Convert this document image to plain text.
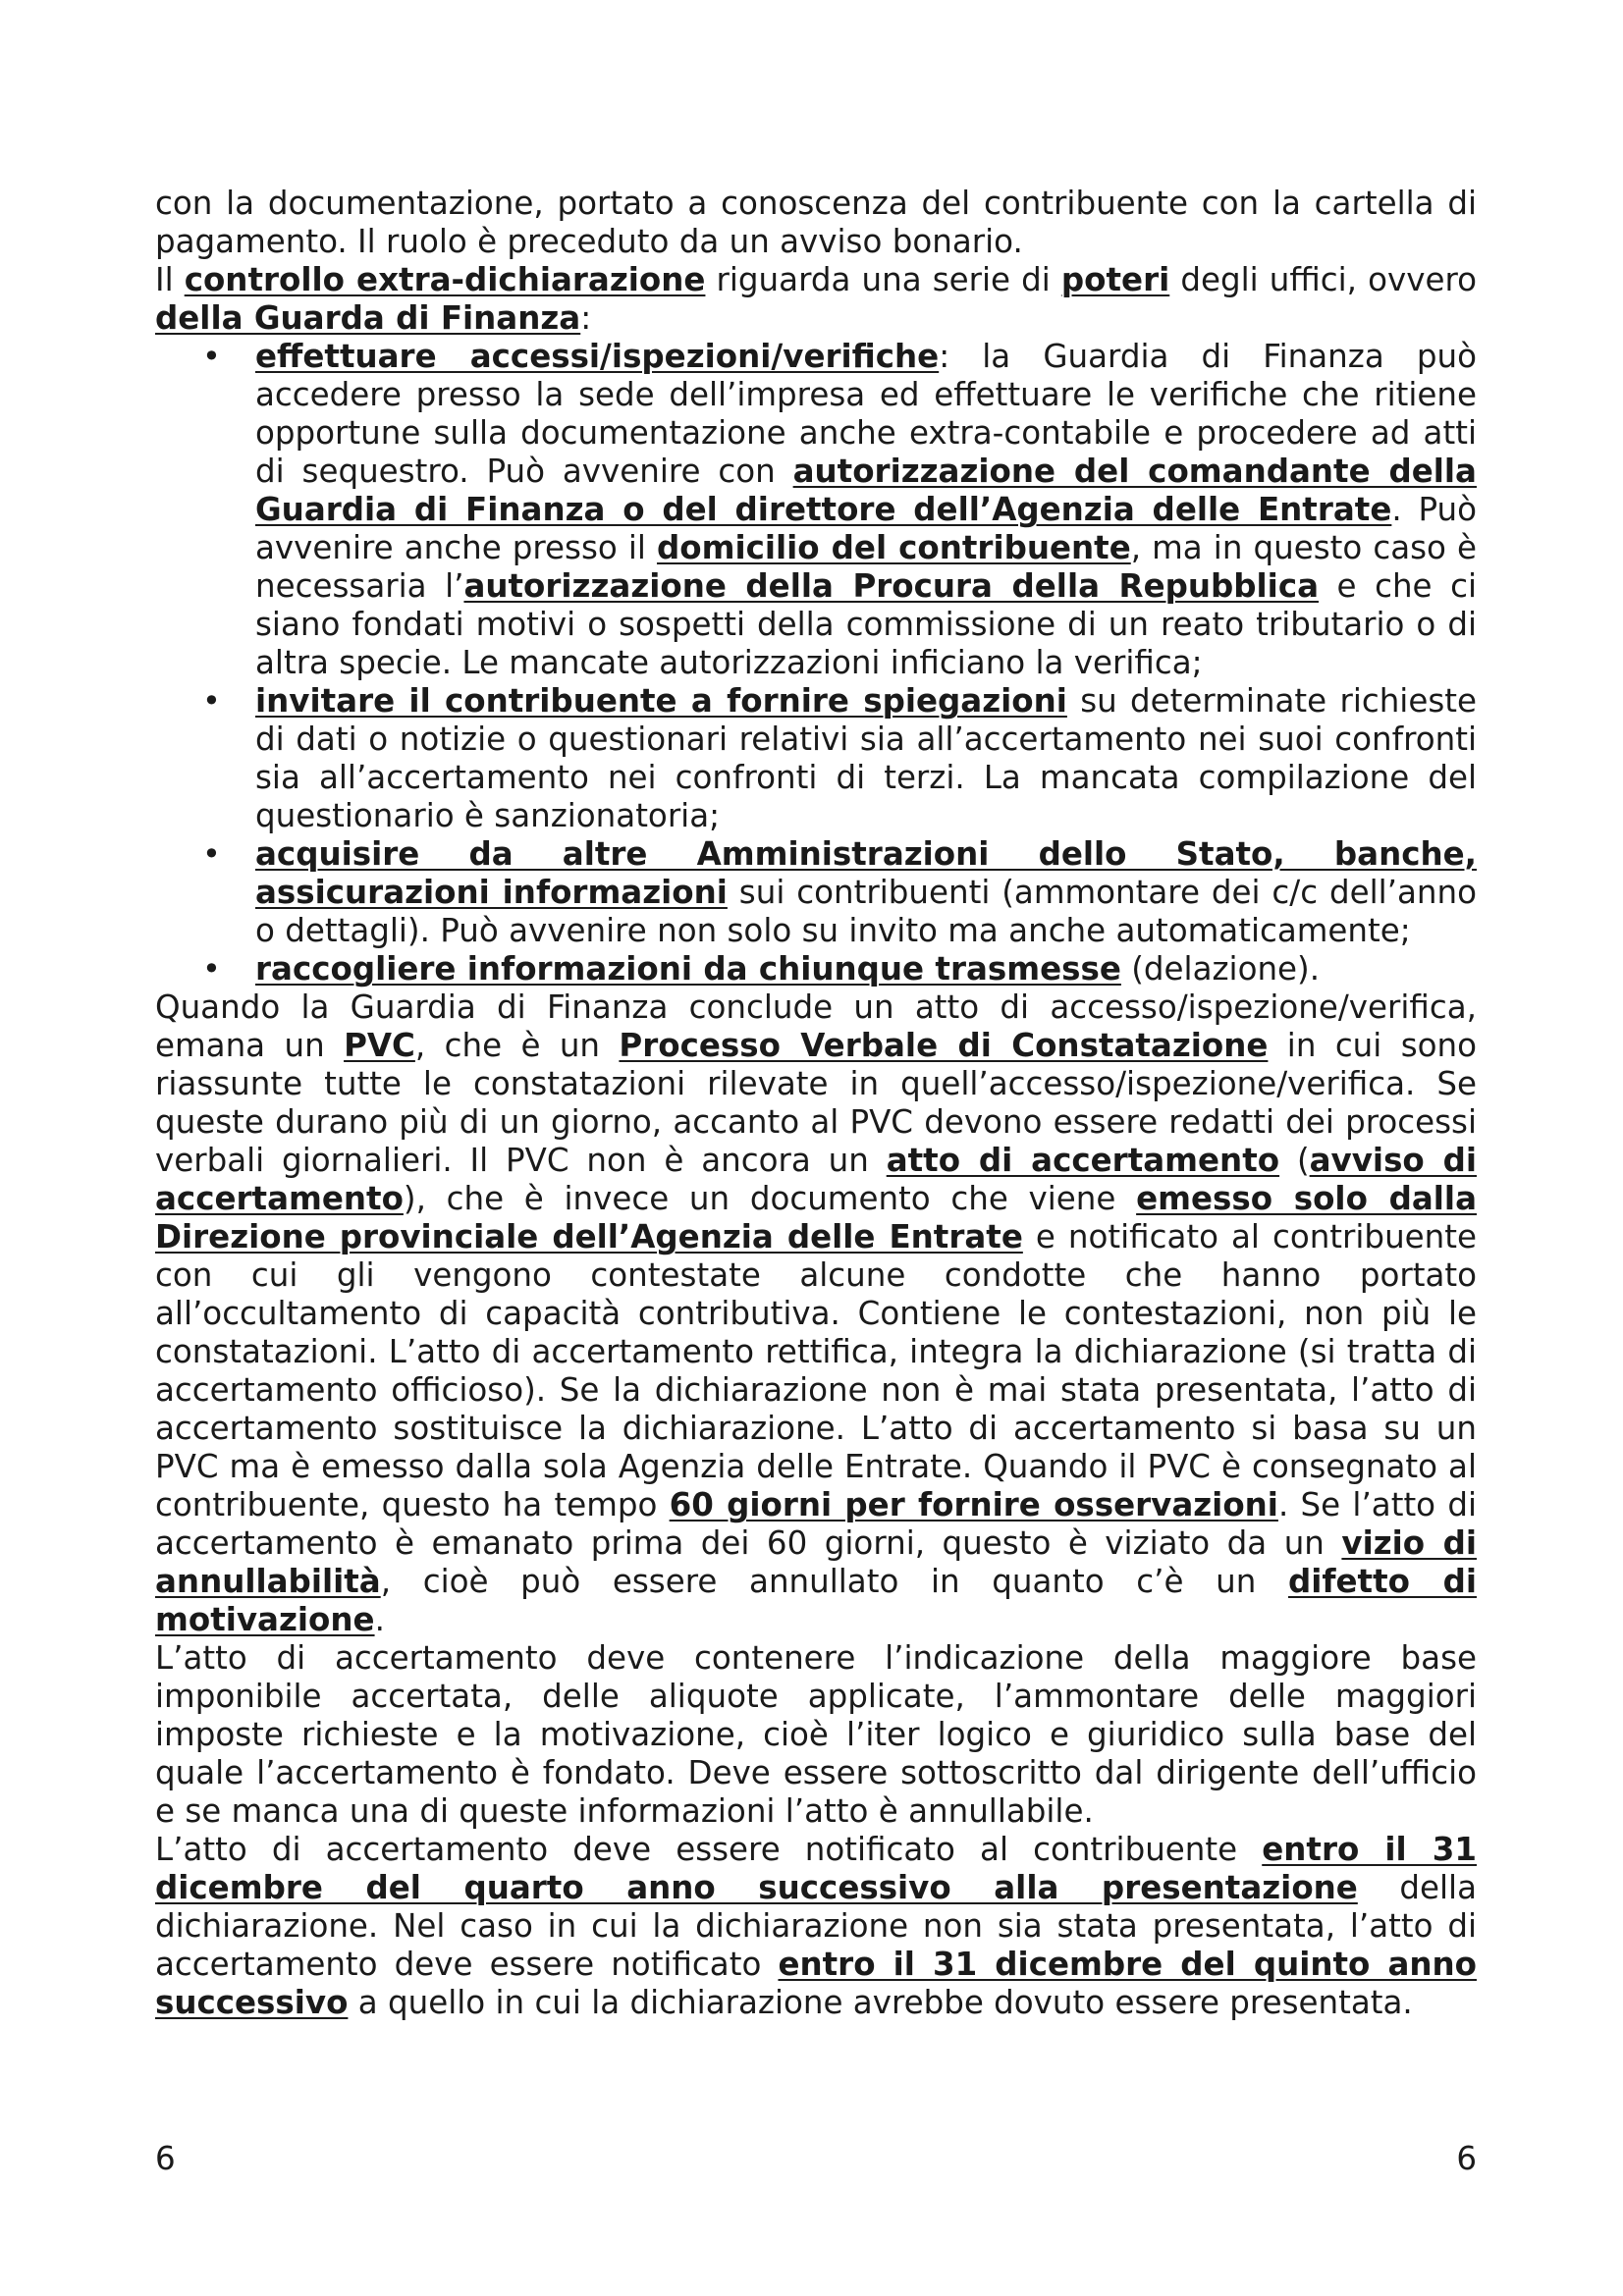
con la documentazione, portato a conoscenza del contribuente con la cartella di pagamento. Il ruolo è preceduto da un avviso bonario.

Il controllo extra-dichiarazione riguarda una serie di poteri degli uffici, ovvero della Guarda di Finanza:

• effettuare accessi/ispezioni/verifiche: la Guardia di Finanza può accedere presso la sede dell’impresa ed effettuare le verifiche che ritiene opportune sulla documentazione anche extra-contabile e procedere ad atti di sequestro. Può avvenire con autorizzazione del comandante della Guardia di Finanza o del direttore dell’Agenzia delle Entrate. Può avvenire anche presso il domicilio del contribuente, ma in questo caso è necessaria l’autorizzazione della Procura della Repubblica e che ci siano fondati motivi o sospetti della commissione di un reato tributario o di altra specie. Le mancate autorizzazioni inficiano la verifica;
• invitare il contribuente a fornire spiegazioni su determinate richieste di dati o notizie o questionari relativi sia all’accertamento nei suoi confronti sia all’accertamento nei confronti di terzi. La mancata compilazione del questionario è sanzionatoria;
• acquisire da altre Amministrazioni dello Stato, banche, assicurazioni informazioni sui contribuenti (ammontare dei c/c dell’anno o dettagli). Può avvenire non solo su invito ma anche automaticamente;
• raccogliere informazioni da chiunque trasmesse (delazione).

Quando la Guardia di Finanza conclude un atto di accesso/ispezione/verifica, emana un PVC, che è un Processo Verbale di Constatazione in cui sono riassunte tutte le constatazioni rilevate in quell’accesso/ispezione/verifica. Se queste durano più di un giorno, accanto al PVC devono essere redatti dei processi verbali giornalieri. Il PVC non è ancora un atto di accertamento (avviso di accertamento), che è invece un documento che viene emesso solo dalla Direzione provinciale dell’Agenzia delle Entrate e notificato al contribuente con cui gli vengono contestate alcune condotte che hanno portato all’occultamento di capacità contributiva. Contiene le contestazioni, non più le constatazioni. L’atto di accertamento rettifica, integra la dichiarazione (si tratta di accertamento officioso). Se la dichiarazione non è mai stata presentata, l’atto di accertamento sostituisce la dichiarazione. L’atto di accertamento si basa su un PVC ma è emesso dalla sola Agenzia delle Entrate. Quando il PVC è consegnato al contribuente, questo ha tempo 60 giorni per fornire osservazioni. Se l’atto di accertamento è emanato prima dei 60 giorni, questo è viziato da un vizio di annullabilità, cioè può essere annullato in quanto c’è un difetto di motivazione.

L’atto di accertamento deve contenere l’indicazione della maggiore base imponibile accertata, delle aliquote applicate, l’ammontare delle maggiori imposte richieste e la motivazione, cioè l’iter logico e giuridico sulla base del quale l’accertamento è fondato. Deve essere sottoscritto dal dirigente dell’ufficio e se manca una di queste informazioni l’atto è annullabile.

L’atto di accertamento deve essere notificato al contribuente entro il 31 dicembre del quarto anno successivo alla presentazione della dichiarazione. Nel caso in cui la dichiarazione non sia stata presentata, l’atto di accertamento deve essere notificato entro il 31 dicembre del quinto anno successivo a quello in cui la dichiarazione avrebbe dovuto essere presentata.

6	6
